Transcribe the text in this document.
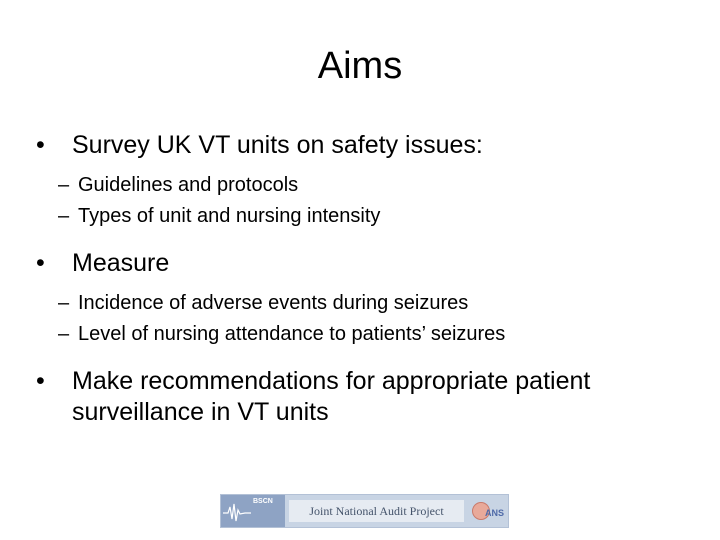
Aims
• Survey UK VT units on safety issues:
– Guidelines and protocols
– Types of unit and nursing intensity
• Measure
– Incidence of adverse events during seizures
– Level of nursing attendance to patients’ seizures
• Make recommendations for appropriate patient surveillance in VT units
BSCN
Joint National Audit Project	ANS
